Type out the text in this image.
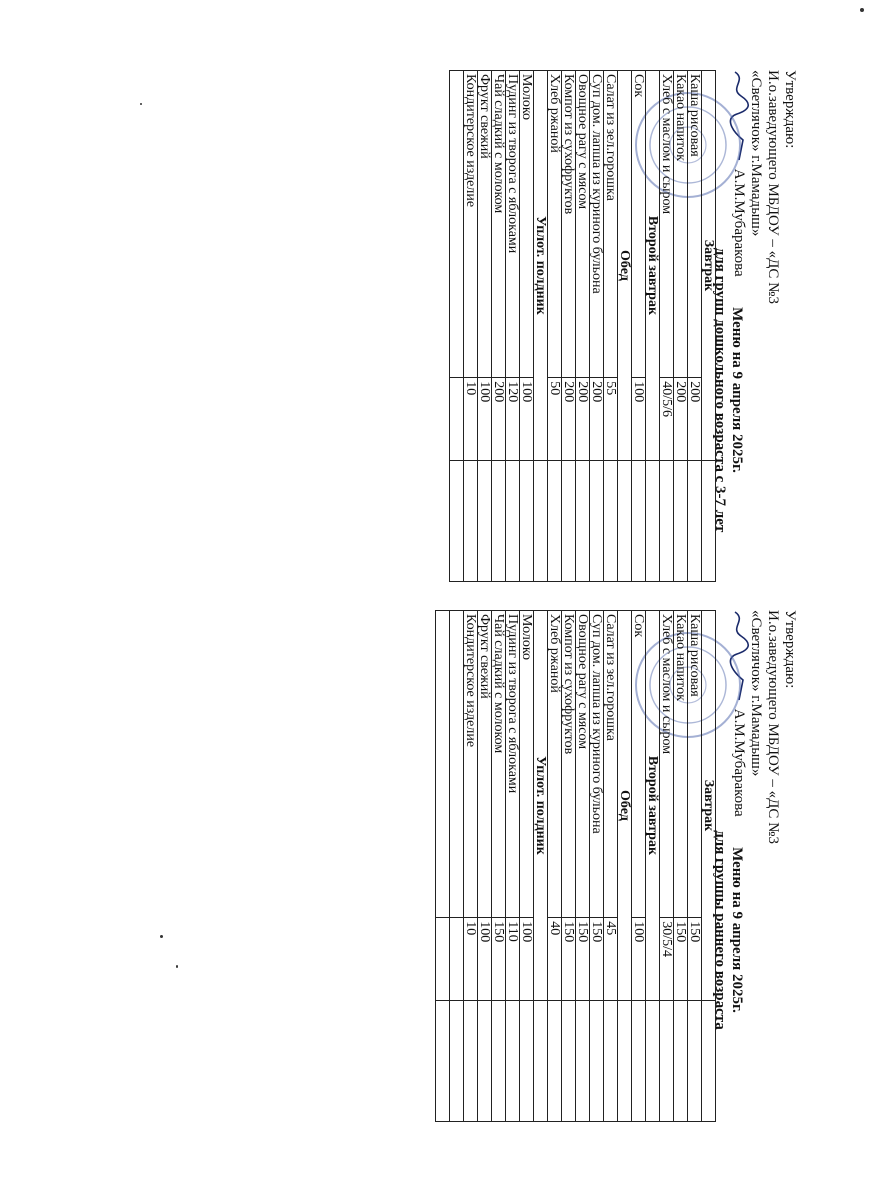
Утверждаю:
И.о.заведующего МБДОУ – «ДС №3
«Светлячок» г.Мамадыш»
А.М.Мубаракова
Меню на 9 апреля 2025г.
для групп дошкольного возраста с 3-7 лет
Завтрак		
Каша рисовая	200	
Какао напиток	200	
Хлеб с маслом и сыром	40/5/6	
Второй завтрак		
Сок	100	
Обед		
Салат из зел.горошка	55	
Суп дом. лапша из куриного бульона	200	
Овощное рагу с мясом	200	
Компот из сухофруктов	200	
Хлеб ржаной	50	
Уплот. полдник		
Молоко	100	
Пудинг из творога с яблоками	120	
Чай сладкий с молоком	200	
Фрукт свежий	100	
Кондитерское изделие	10	

Утверждаю:
И.о.заведующего МБДОУ – «ДС №3
«Светлячок» г.Мамадыш»
А.М.Мубаракова
Меню на 9 апреля 2025г.
для группы раннего возраста
Завтрак		
Каша рисовая	150	
Какао напиток	150	
Хлеб с маслом и сыром	30/5/4	
Второй завтрак		
Сок	100	
Обед		
Салат из зел.горошка	45	
Суп дом. лапша из куриного бульона	150	
Овощное рагу с мясом	150	
Компот из сухофруктов	150	
Хлеб ржаной	40	
Уплот. полдник		
Молоко	100	
Пудинг из творога с яблоками	110	
Чай сладкий с молоком	150	
Фрукт свежий	100	
Кондитерское изделие	10	
